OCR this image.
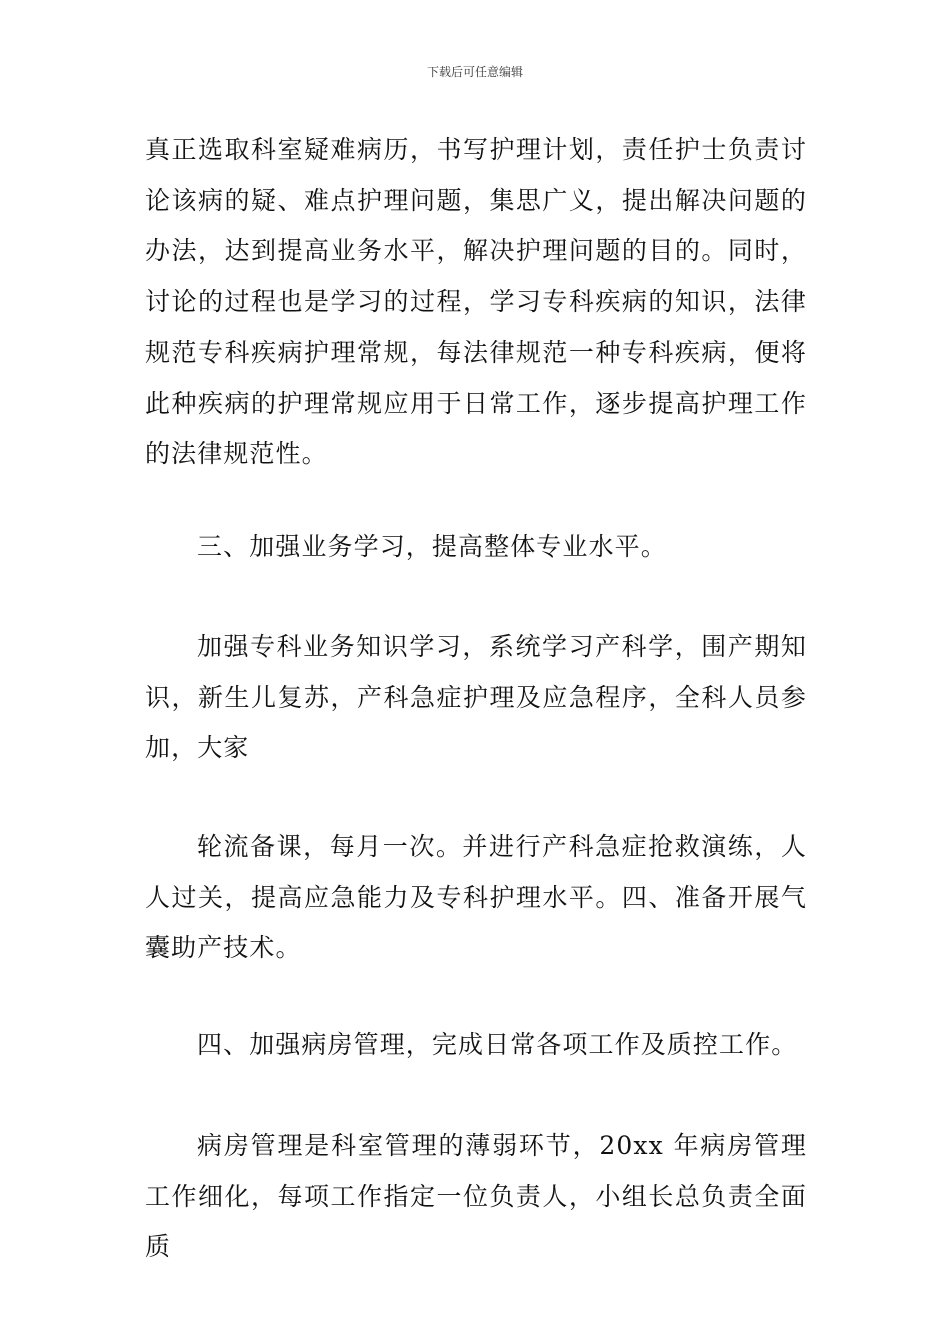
下载后可任意编辑

真正选取科室疑难病历，书写护理计划，责任护士负责讨论该病的疑、难点护理问题，集思广义，提出解决问题的办法，达到提高业务水平，解决护理问题的目的。同时，讨论的过程也是学习的过程，学习专科疾病的知识，法律规范专科疾病护理常规，每法律规范一种专科疾病，便将此种疾病的护理常规应用于日常工作，逐步提高护理工作的法律规范性。

三、加强业务学习，提高整体专业水平。

加强专科业务知识学习，系统学习产科学，围产期知识，新生儿复苏，产科急症护理及应急程序，全科人员参加，大家

轮流备课，每月一次。并进行产科急症抢救演练，人人过关，提高应急能力及专科护理水平。四、准备开展气囊助产技术。

四、加强病房管理，完成日常各项工作及质控工作。

病房管理是科室管理的薄弱环节，20xx 年病房管理工作细化，每项工作指定一位负责人，小组长总负责全面质
